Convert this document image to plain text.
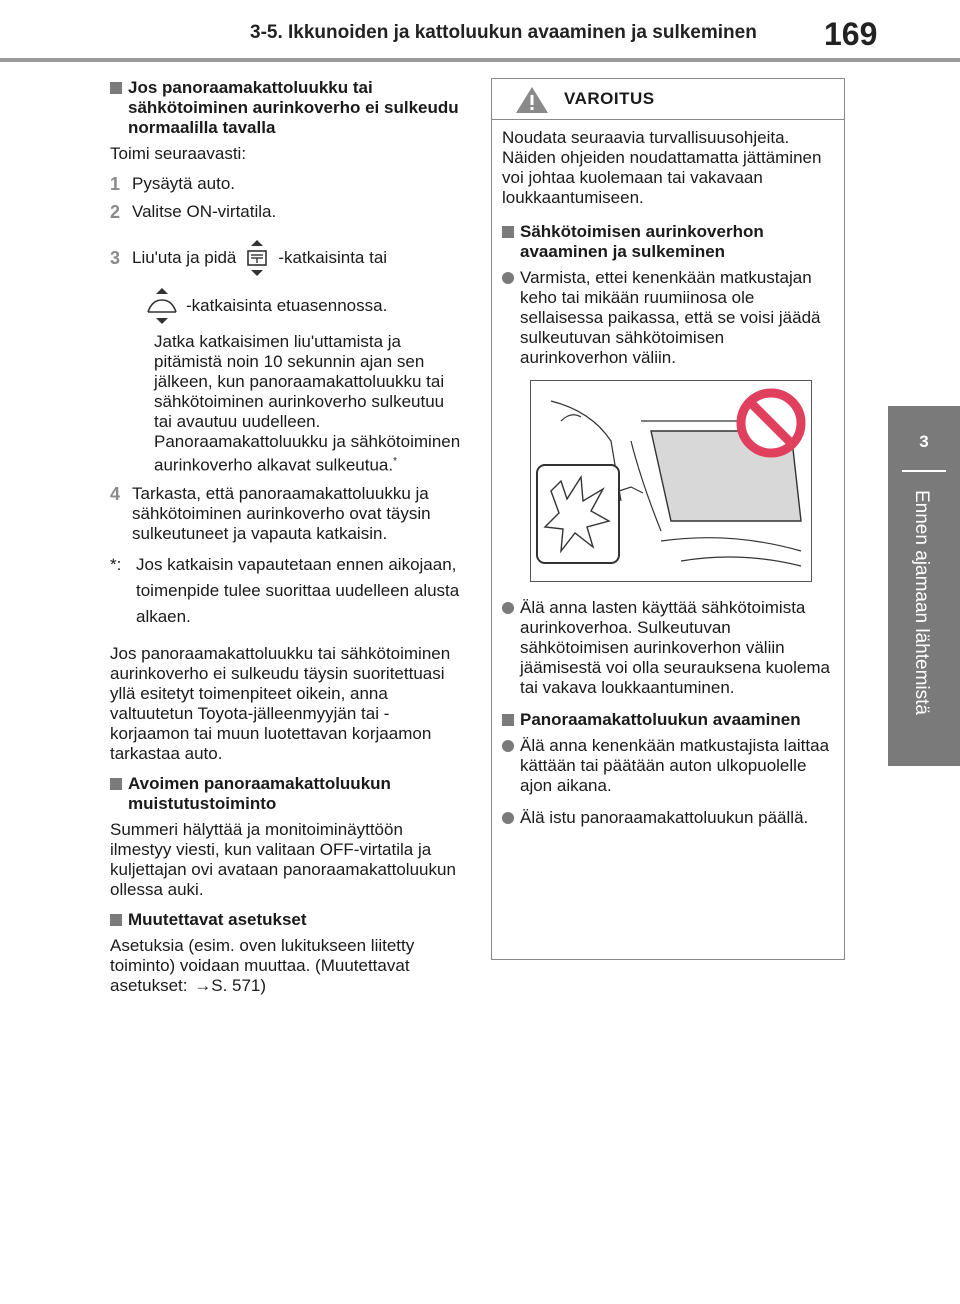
3-5. Ikkunoiden ja kattoluukun avaaminen ja sulkeminen 169
3
Ennen ajamaan lähtemistä
Jos panoraamakattoluukku tai sähkötoiminen aurinkoverho ei sulkeudu normaalilla tavalla

Toimi seuraavasti:

1 Pysäytä auto.
2 Valitse ON-virtatila.
3 Liu'uta ja pidä -katkaisinta tai
-katkaisinta etuasennossa.
Jatka katkaisimen liu'uttamista ja pitämistä noin 10 sekunnin ajan sen jälkeen, kun panoraamakattoluukku tai sähkötoiminen aurinkoverho sulkeutuu tai avautuu uudelleen. Panoraamakattoluukku ja sähkötoiminen aurinkoverho alkavat sulkeutua.*
4 Tarkasta, että panoraamakattoluukku ja sähkötoiminen aurinkoverho ovat täysin sulkeutuneet ja vapauta katkaisin.
*: Jos katkaisin vapautetaan ennen aikojaan, toimenpide tulee suorittaa uudelleen alusta alkaen.

Jos panoraamakattoluukku tai sähkötoiminen aurinkoverho ei sulkeudu täysin suoritettuasi yllä esitetyt toimenpiteet oikein, anna valtuutetun Toyota-jälleenmyyjän tai -korjaamon tai muun luotettavan korjaamon tarkastaa auto.

Avoimen panoraamakattoluukun muistutustoiminto

Summeri hälyttää ja monitoiminäyttöön ilmestyy viesti, kun valitaan OFF-virtatila ja kuljettajan ovi avataan panoraamakattoluukun ollessa auki.

Muutettavat asetukset

Asetuksia (esim. oven lukitukseen liitetty toiminto) voidaan muuttaa. (Muutettavat asetukset: →S. 571)

VAROITUS

Noudata seuraavia turvallisuusohjeita.

Näiden ohjeiden noudattamatta jättäminen voi johtaa kuolemaan tai vakavaan loukkaantumiseen.

Sähkötoimisen aurinkoverhon avaaminen ja sulkeminen
Varmista, ettei kenenkään matkustajan keho tai mikään ruumiinosa ole sellaisessa paikassa, että se voisi jäädä sulkeutuvan sähkötoimisen aurinkoverhon väliin.
Älä anna lasten käyttää sähkötoimista aurinkoverhoa. Sulkeutuvan sähkötoimisen aurinkoverhon väliin jäämisestä voi olla seurauksena kuolema tai vakava loukkaantuminen.
Panoraamakattoluukun avaaminen
Älä anna kenenkään matkustajista laittaa kättään tai päätään auton ulkopuolelle ajon aikana.
Älä istu panoraamakattoluukun päällä.
